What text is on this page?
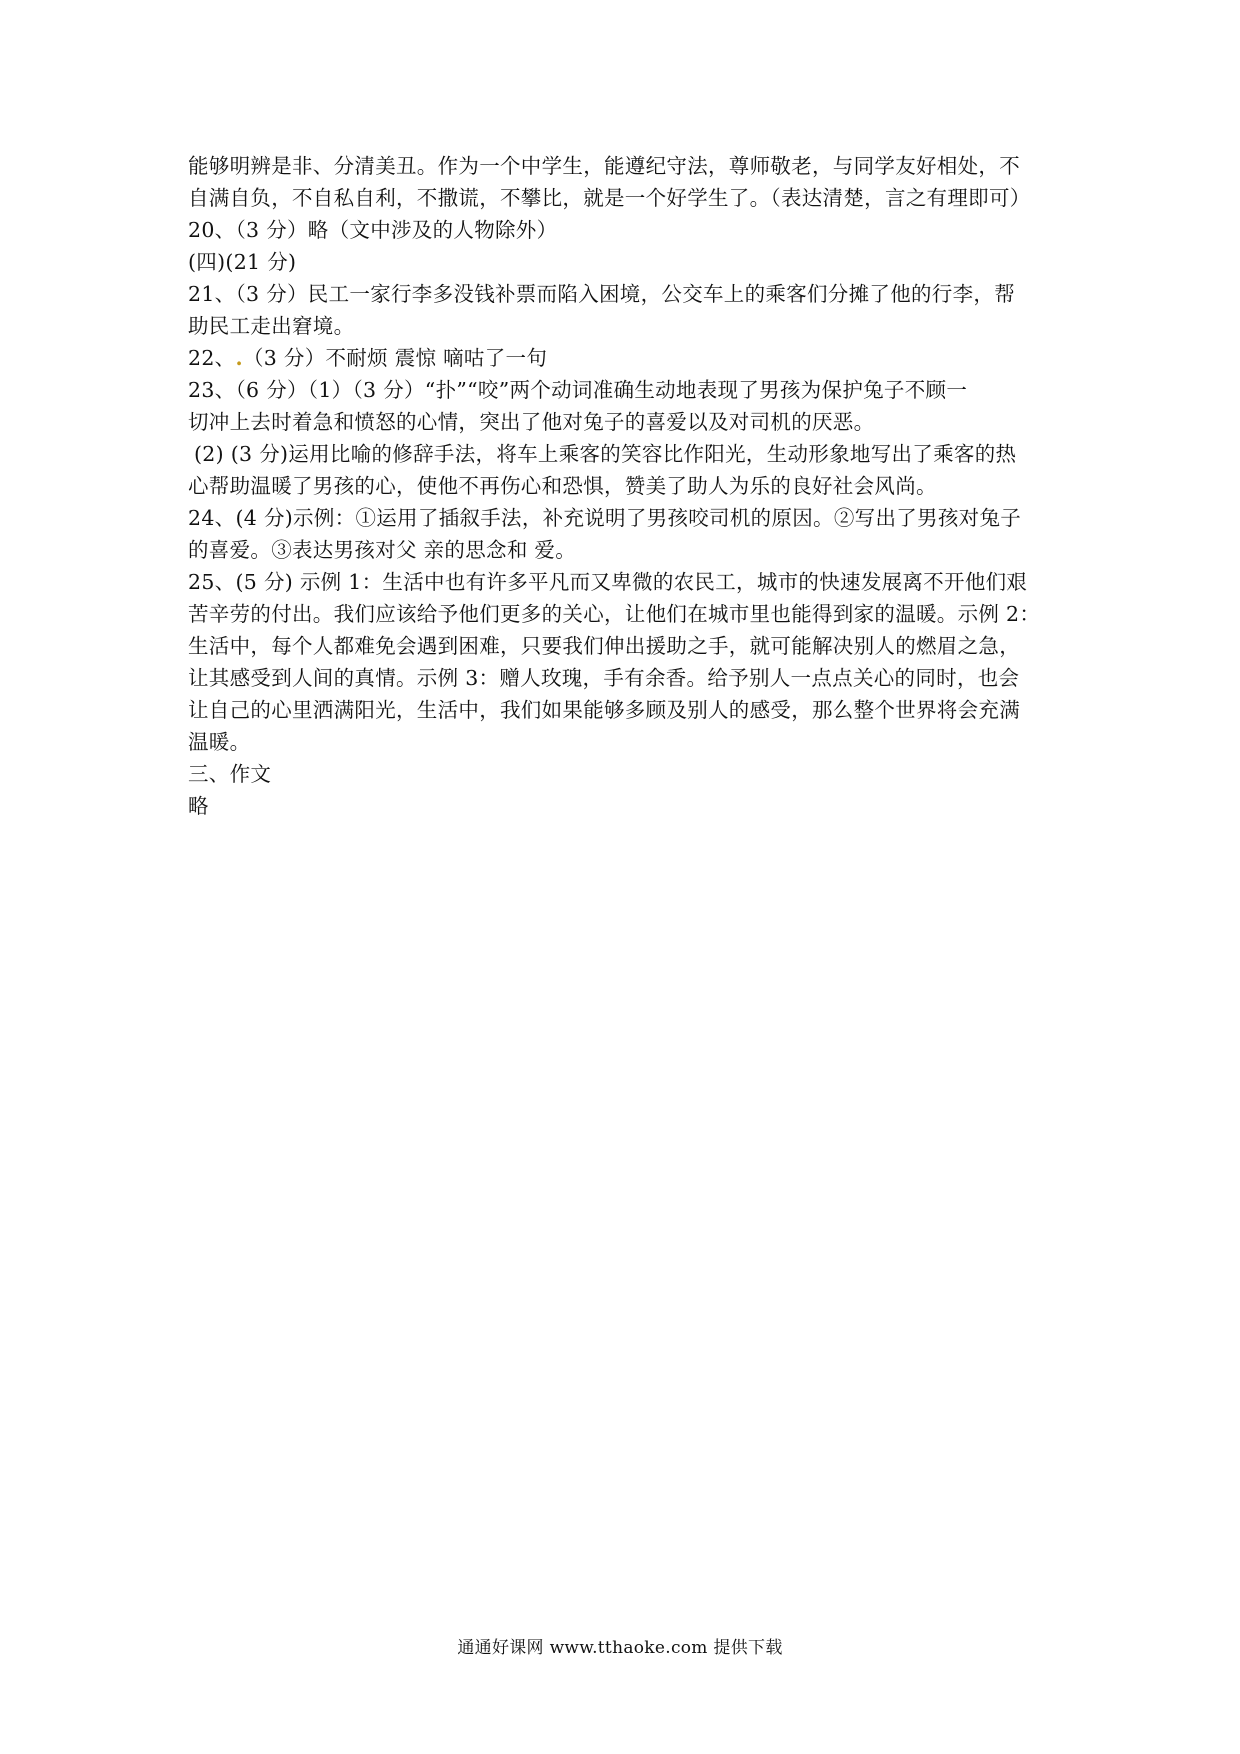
能够明辨是非、分清美丑。作为一个中学生，能遵纪守法，尊师敬老，与同学友好相处，不
自满自负，不自私自利，不撒谎，不攀比，就是一个好学生了。（表达清楚，言之有理即可）
20、（3 分）略（文中涉及的人物除外）
(四)(21 分)
21、（3 分）民工一家行李多没钱补票而陷入困境，公交车上的乘客们分摊了他的行李，帮
助民工走出窘境。
22、.（3 分）不耐烦 震惊 嘀咕了一句
23、（6 分）（1）（3 分）“扑”“咬”两个动词准确生动地表现了男孩为保护兔子不顾一
切冲上去时着急和愤怒的心情，突出了他对兔子的喜爱以及对司机的厌恶。
(2) (3 分)运用比喻的修辞手法，将车上乘客的笑容比作阳光，生动形象地写出了乘客的热
心帮助温暖了男孩的心，使他不再伤心和恐惧，赞美了助人为乐的良好社会风尚。
24、(4 分)示例：①运用了插叙手法，补充说明了男孩咬司机的原因。②写出了男孩对兔子
的喜爱。③表达男孩对父 亲的思念和 爱。
25、(5 分) 示例 1：生活中也有许多平凡而又卑微的农民工，城市的快速发展离不开他们艰
苦辛劳的付出。我们应该给予他们更多的关心，让他们在城市里也能得到家的温暖。示例 2：
生活中，每个人都难免会遇到困难，只要我们伸出援助之手，就可能解决别人的燃眉之急，
让其感受到人间的真情。示例 3：赠人玫瑰，手有余香。给予别人一点点关心的同时，也会
让自己的心里洒满阳光，生活中，我们如果能够多顾及别人的感受，那么整个世界将会充满
温暖。
三、作文
略
通通好课网 www.tthaoke.com 提供下载
